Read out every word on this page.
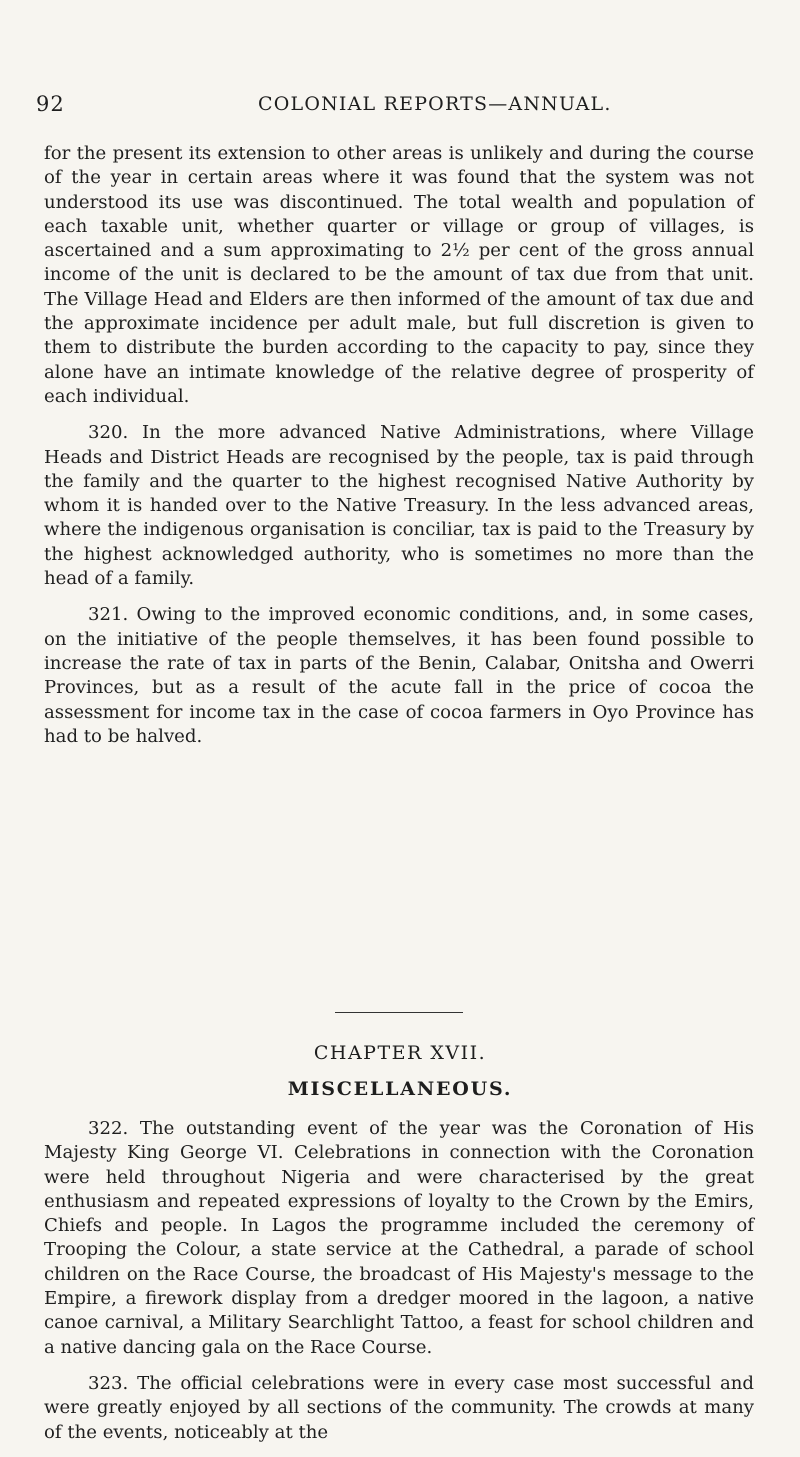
92	COLONIAL REPORTS—ANNUAL.

for the present its extension to other areas is unlikely and during the course of the year in certain areas where it was found that the system was not understood its use was discontinued. The total wealth and population of each taxable unit, whether quarter or village or group of villages, is ascertained and a sum approximating to 2½ per cent of the gross annual income of the unit is declared to be the amount of tax due from that unit. The Village Head and Elders are then informed of the amount of tax due and the approximate incidence per adult male, but full discretion is given to them to distribute the burden according to the capacity to pay, since they alone have an intimate knowledge of the relative degree of prosperity of each individual.

320. In the more advanced Native Administrations, where Village Heads and District Heads are recognised by the people, tax is paid through the family and the quarter to the highest recognised Native Authority by whom it is handed over to the Native Treasury. In the less advanced areas, where the indigenous organisation is conciliar, tax is paid to the Treasury by the highest acknowledged authority, who is sometimes no more than the head of a family.

321. Owing to the improved economic conditions, and, in some cases, on the initiative of the people themselves, it has been found possible to increase the rate of tax in parts of the Benin, Calabar, Onitsha and Owerri Provinces, but as a result of the acute fall in the price of cocoa the assessment for income tax in the case of cocoa farmers in Oyo Province has had to be halved.

CHAPTER XVII.
MISCELLANEOUS.

322. The outstanding event of the year was the Coronation of His Majesty King George VI. Celebrations in connection with the Coronation were held throughout Nigeria and were characterised by the great enthusiasm and repeated expressions of loyalty to the Crown by the Emirs, Chiefs and people. In Lagos the programme included the ceremony of Trooping the Colour, a state service at the Cathedral, a parade of school children on the Race Course, the broadcast of His Majesty's message to the Empire, a firework display from a dredger moored in the lagoon, a native canoe carnival, a Military Searchlight Tattoo, a feast for school children and a native dancing gala on the Race Course.

323. The official celebrations were in every case most successful and were greatly enjoyed by all sections of the community. The crowds at many of the events, noticeably at the
